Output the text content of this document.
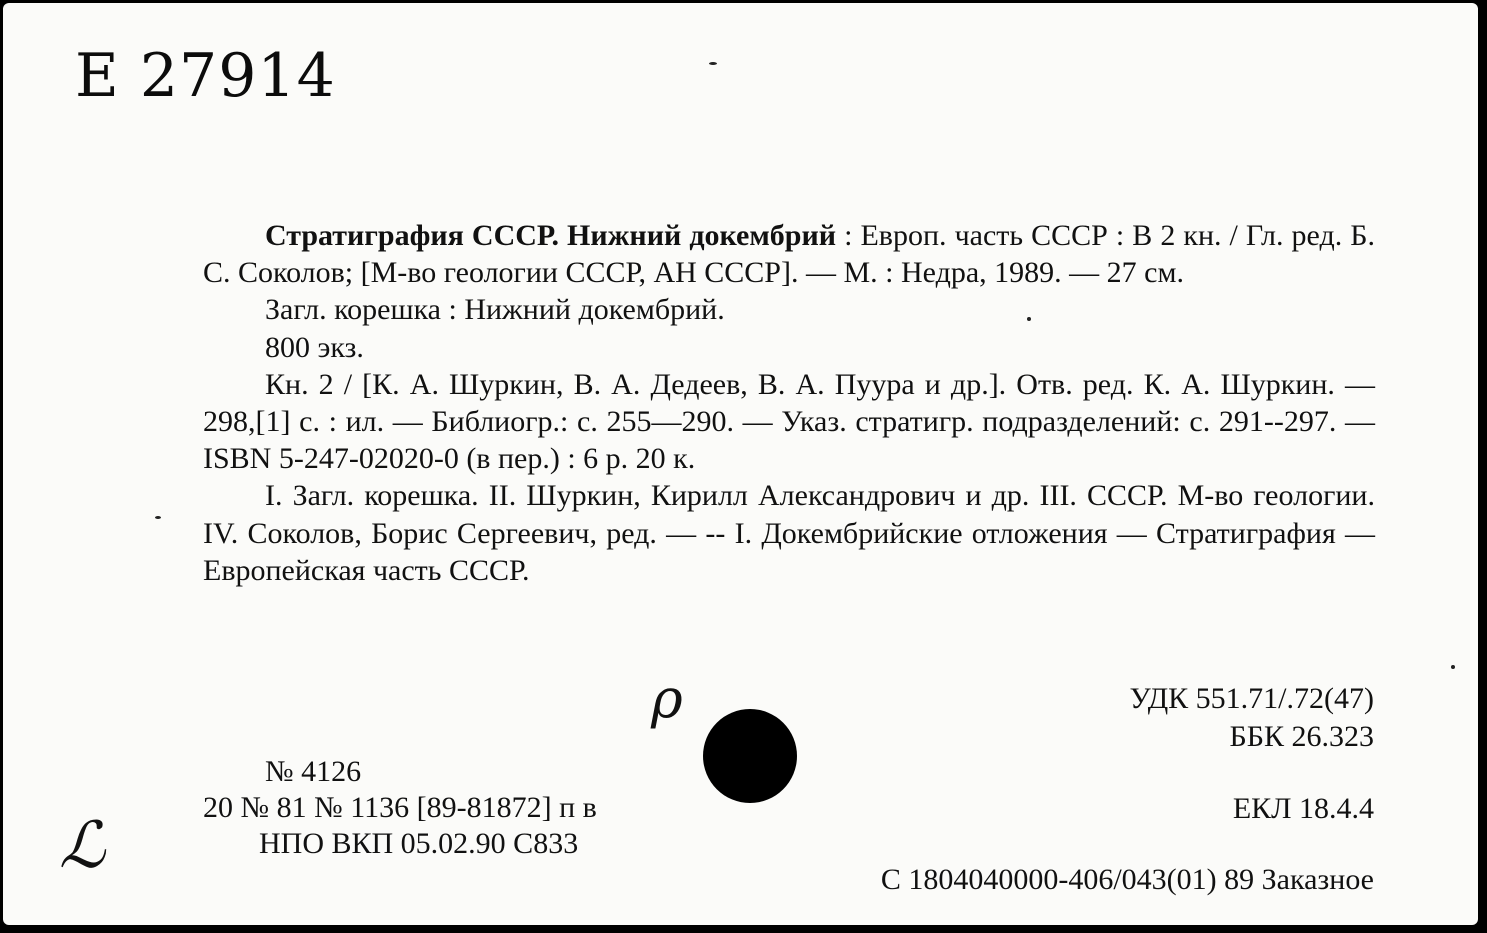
Е 27914

Стратиграфия СССР. Нижний докембрий : Европ. часть СССР : В 2 кн. / Гл. ред. Б. С. Соколов; [М-во геологии СССР, АН СССР]. — М. : Недра, 1989. — 27 см.

Загл. корешка : Нижний докембрий.

800 экз.

Кн. 2 / [К. А. Шуркин, В. А. Дедеев, В. А. Пуура и др.]. Отв. ред. К. А. Шуркин. — 298,[1] с. : ил. — Библиогр.: с. 255—290. — Указ. стратигр. подразделений: с. 291--297. — ISBN 5-247-02020-0 (в пер.) : 6 р. 20 к.

I. Загл. корешка. II. Шуркин, Кирилл Александрович и др. III. СССР. М-во геологии. IV. Соколов, Борис Сергеевич, ред. — -- I. Докембрийские отложения — Стратиграфия — Европейская часть СССР.

ρ
ℒ
УДК 551.71/.72(47)
ББК 26.323
ЕКЛ 18.4.4
№ 4126
20 № 81 № 1136 [89-81872] п в
НПО ВКП 05.02.90 С833
С 1804040000-406/043(01) 89 Заказное
